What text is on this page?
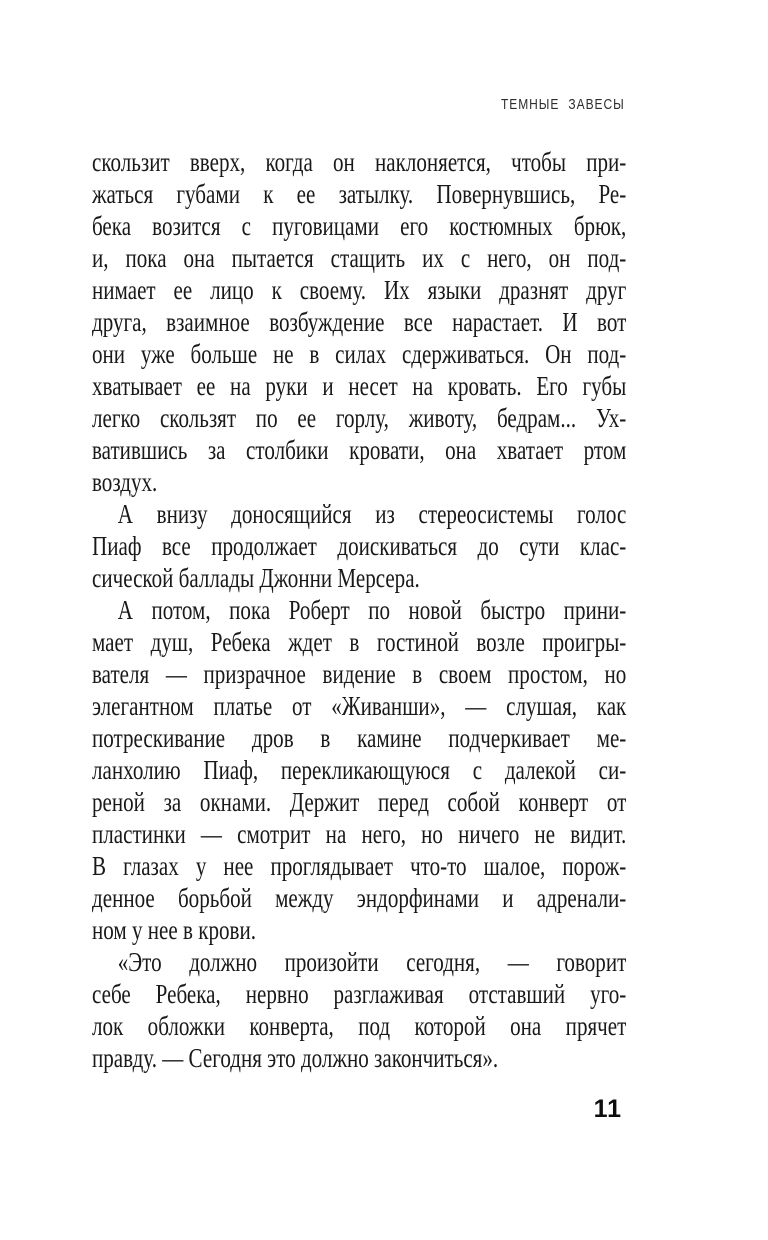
ТЕМНЫЕ ЗАВЕСЫ
скользит вверх, когда он наклоняется, чтобы при-
жаться губами к ее затылку. Повернувшись, Ре-
бека возится с пуговицами его костюмных брюк,
и, пока она пытается стащить их с него, он под-
нимает ее лицо к своему. Их языки дразнят друг
друга, взаимное возбуждение все нарастает. И вот
они уже больше не в силах сдерживаться. Он под-
хватывает ее на руки и несет на кровать. Его губы
легко скользят по ее горлу, животу, бедрам... Ух-
ватившись за столбики кровати, она хватает ртом
воздух.
А внизу доносящийся из стереосистемы голос
Пиаф все продолжает доискиваться до сути клас-
сической баллады Джонни Мерсера.
А потом, пока Роберт по новой быстро прини-
мает душ, Ребека ждет в гостиной возле проигры-
вателя — призрачное видение в своем простом, но
элегантном платье от «Живанши», — слушая, как
потрескивание дров в камине подчеркивает ме-
ланхолию Пиаф, перекликающуюся с далекой си-
реной за окнами. Держит перед собой конверт от
пластинки — смотрит на него, но ничего не видит.
В глазах у нее проглядывает что-то шалое, порож-
денное борьбой между эндорфинами и адренали-
ном у нее в крови.
«Это должно произойти сегодня, — говорит
себе Ребека, нервно разглаживая отставший уго-
лок обложки конверта, под которой она прячет
правду. — Сегодня это должно закончиться».
11
